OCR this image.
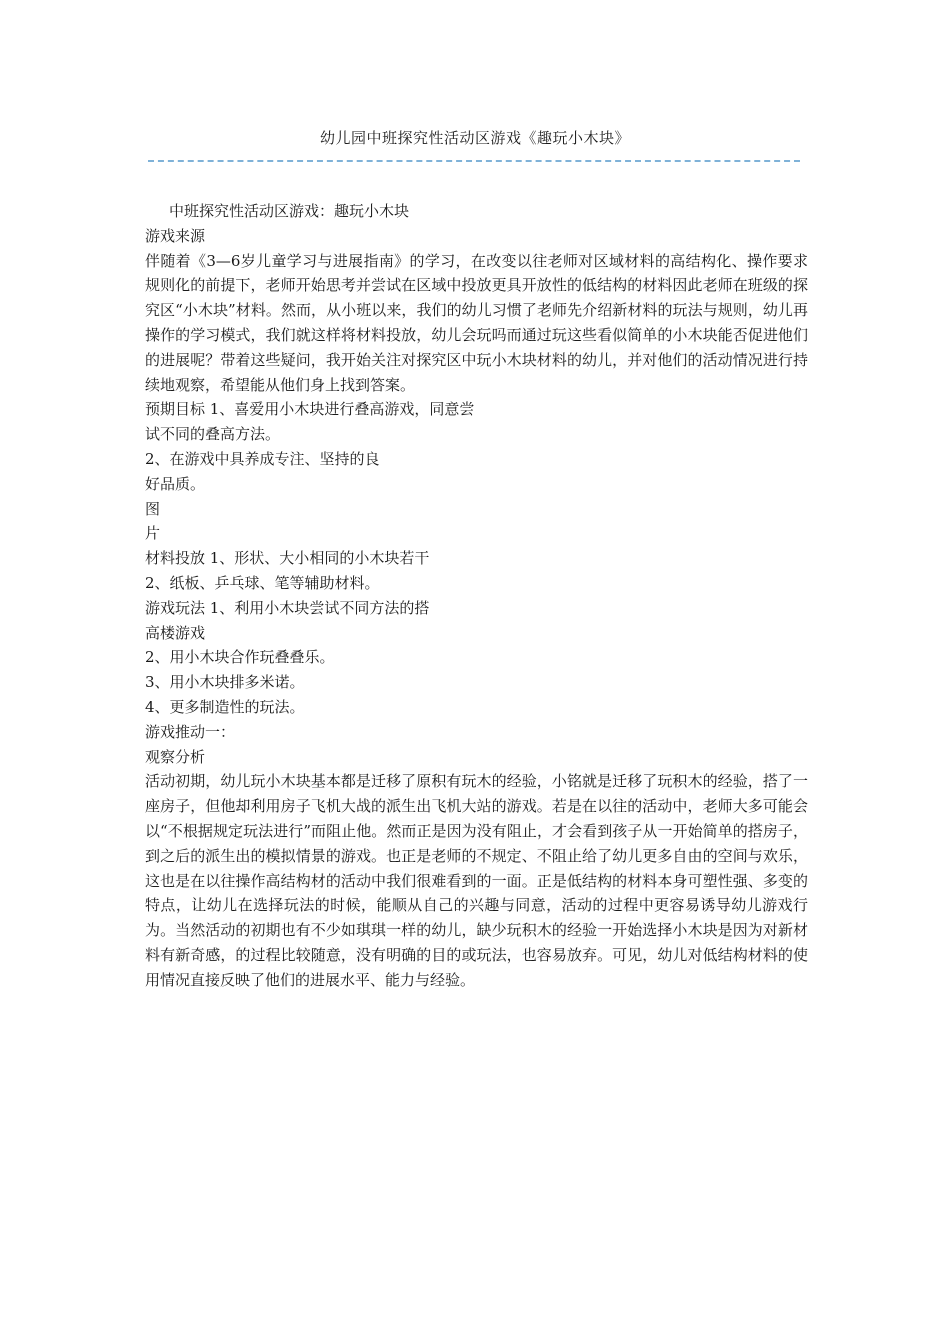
幼儿园中班探究性活动区游戏《趣玩小木块》

中班探究性活动区游戏：趣玩小木块

游戏来源

伴随着《3—6岁儿童学习与进展指南》的学习，在改变以往老师对区域材料的高结构化、操作要求规则化的前提下，老师开始思考并尝试在区域中投放更具开放性的低结构的材料因此老师在班级的探究区“小木块”材料。然而，从小班以来，我们的幼儿习惯了老师先介绍新材料的玩法与规则，幼儿再操作的学习模式，我们就这样将材料投放，幼儿会玩吗而通过玩这些看似简单的小木块能否促进他们的进展呢？带着这些疑问，我开始关注对探究区中玩小木块材料的幼儿，并对他们的活动情况进行持续地观察，希望能从他们身上找到答案。

预期目标 1、喜爱用小木块进行叠高游戏，同意尝

试不同的叠高方法。

2、在游戏中具养成专注、坚持的良

好品质。

图

片

材料投放 1、形状、大小相同的小木块若干

2、纸板、乒乓球、笔等辅助材料。

游戏玩法 1、利用小木块尝试不同方法的搭

高楼游戏

2、用小木块合作玩叠叠乐。

3、用小木块排多米诺。

4、更多制造性的玩法。

游戏推动一：

观察分析

活动初期，幼儿玩小木块基本都是迁移了原积有玩木的经验，小铭就是迁移了玩积木的经验，搭了一座房子，但他却利用房子飞机大战的派生出飞机大站的游戏。若是在以往的活动中，老师大多可能会以“不根据规定玩法进行”而阻止他。然而正是因为没有阻止，才会看到孩子从一开始简单的搭房子，到之后的派生出的模拟情景的游戏。也正是老师的不规定、不阻止给了幼儿更多自由的空间与欢乐，这也是在以往操作高结构材的活动中我们很难看到的一面。正是低结构的材料本身可塑性强、多变的特点，让幼儿在选择玩法的时候，能顺从自己的兴趣与同意，活动的过程中更容易诱导幼儿游戏行为。当然活动的初期也有不少如琪琪一样的幼儿，缺少玩积木的经验一开始选择小木块是因为对新材料有新奇感，的过程比较随意，没有明确的目的或玩法，也容易放弃。可见，幼儿对低结构材料的使用情况直接反映了他们的进展水平、能力与经验。
